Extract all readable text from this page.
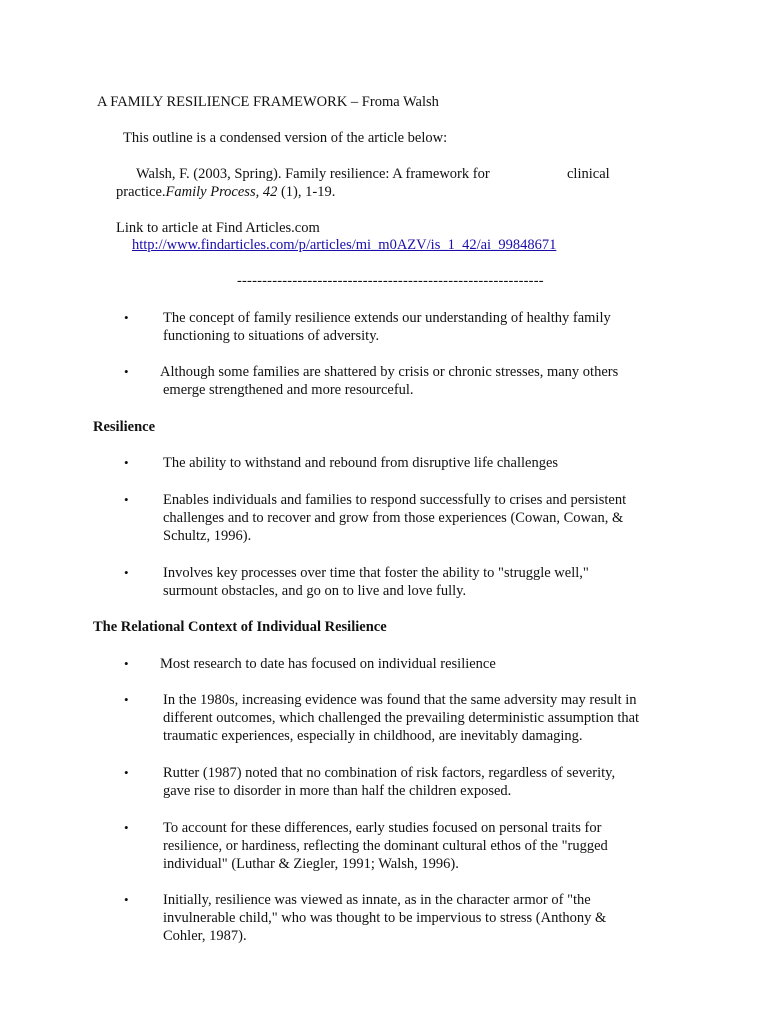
A FAMILY RESILIENCE FRAMEWORK – Froma Walsh
This outline is a condensed version of the article below:
Walsh, F. (2003, Spring). Family resilience: A framework for	clinical
practice.Family Process, 42 (1), 1-19.
Link to article at Find Articles.com
http://www.findarticles.com/p/articles/mi_m0AZV/is_1_42/ai_99848671
-------------------------------------------------------------
• The concept of family resilience extends our understanding of healthy family
functioning to situations of adversity.
• Although some families are shattered by crisis or chronic stresses, many others
emerge strengthened and more resourceful.
Resilience
• The ability to withstand and rebound from disruptive life challenges
• Enables individuals and families to respond successfully to crises and persistent
challenges and to recover and grow from those experiences (Cowan, Cowan, &
Schultz, 1996).
• Involves key processes over time that foster the ability to "struggle well,"
surmount obstacles, and go on to live and love fully.
The Relational Context of Individual Resilience
• Most research to date has focused on individual resilience
• In the 1980s, increasing evidence was found that the same adversity may result in
different outcomes, which challenged the prevailing deterministic assumption that
traumatic experiences, especially in childhood, are inevitably damaging.
• Rutter (1987) noted that no combination of risk factors, regardless of severity,
gave rise to disorder in more than half the children exposed.
• To account for these differences, early studies focused on personal traits for
resilience, or hardiness, reflecting the dominant cultural ethos of the "rugged
individual" (Luthar & Ziegler, 1991; Walsh, 1996).
• Initially, resilience was viewed as innate, as in the character armor of "the
invulnerable child," who was thought to be impervious to stress (Anthony &
Cohler, 1987).
